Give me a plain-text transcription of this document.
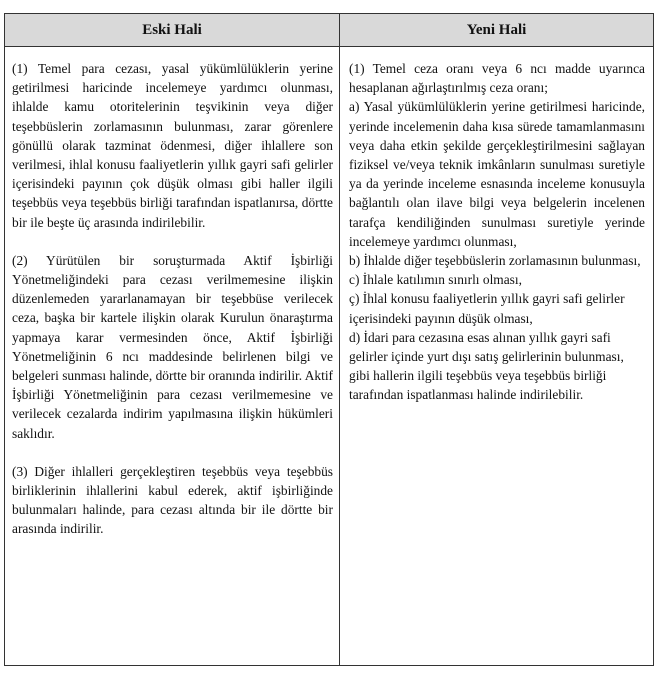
Eski Hali	Yeni Hali

(1) Temel para cezası, yasal yükümlülüklerin yerine getirilmesi haricinde incelemeye yardımcı olunması, ihlalde kamu otoritelerinin teşvikinin veya diğer teşebbüslerin zorlamasının bulunması, zarar görenlere gönüllü olarak tazminat ödenmesi, diğer ihlallere son verilmesi, ihlal konusu faaliyetlerin yıllık gayri safi gelirler içerisindeki payının çok düşük olması gibi haller ilgili teşebbüs veya teşebbüs birliği tarafından ispatlanırsa, dörtte bir ile beşte üç arasında indirilebilir.

(2) Yürütülen bir soruşturmada Aktif İşbirliği Yönetmeliğindeki para cezası verilmemesine ilişkin düzenlemeden yararlanamayan bir teşebbüse verilecek ceza, başka bir kartele ilişkin olarak Kurulun önaraştırma yapmaya karar vermesinden önce, Aktif İşbirliği Yönetmeliğinin 6 ncı maddesinde belirlenen bilgi ve belgeleri sunması halinde, dörtte bir oranında indirilir. Aktif İşbirliği Yönetmeliğinin para cezası verilmemesine ve verilecek cezalarda indirim yapılmasına ilişkin hükümleri saklıdır.

(3) Diğer ihlalleri gerçekleştiren teşebbüs veya teşebbüs birliklerinin ihlallerini kabul ederek, aktif işbirliğinde bulunmaları halinde, para cezası altında bir ile dörtte bir arasında indirilir.

(1) Temel ceza oranı veya 6 ncı madde uyarınca hesaplanan ağırlaştırılmış ceza oranı;

a) Yasal yükümlülüklerin yerine getirilmesi haricinde, yerinde incelemenin daha kısa sürede tamamlanmasını veya daha etkin şekilde gerçekleştirilmesini sağlayan fiziksel ve/veya teknik imkânların sunulması suretiyle ya da yerinde inceleme esnasında inceleme konusuyla bağlantılı olan ilave bilgi veya belgelerin incelenen tarafça kendiliğinden sunulması suretiyle yerinde incelemeye yardımcı olunması,

b) İhlalde diğer teşebbüslerin zorlamasının bulunması,

c) İhlale katılımın sınırlı olması,

ç) İhlal konusu faaliyetlerin yıllık gayri safi gelirler içerisindeki payının düşük olması,

d) İdari para cezasına esas alınan yıllık gayri safi gelirler içinde yurt dışı satış gelirlerinin bulunması,

gibi hallerin ilgili teşebbüs veya teşebbüs birliği tarafından ispatlanması halinde indirilebilir.
